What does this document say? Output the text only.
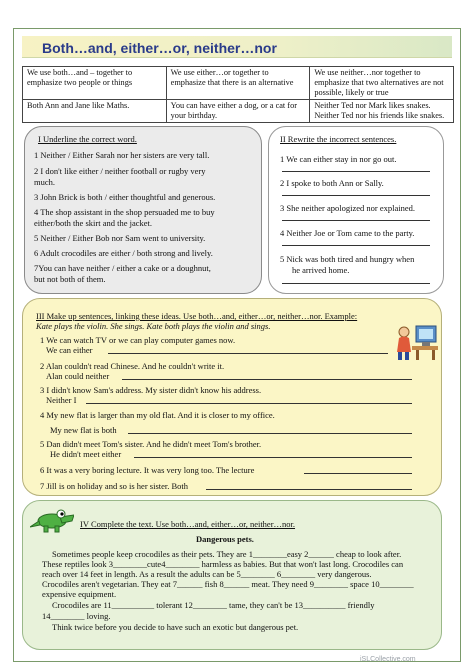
Both…and, either…or, neither…nor
We use both…and – together to emphasize two people or things	We use either…or together to emphasize that there is an alternative	We use neither…nor together to emphasize that two alternatives are not possible, likely or true
Both Ann and Jane like Maths.	You can have either a dog, or a cat for your birthday.	Neither Ted nor Mark likes snakes. Neither Ted nor his friends like snakes.
I Underline the correct word.
1 Neither / Either Sarah nor her sisters are very tall.
2 I don't like either / neither football or rugby very
much.
3 John Brick is both / either thoughtful and generous.
4 The shop assistant in the shop persuaded me to buy
either/both the skirt and the jacket.
5 Neither / Either Bob nor Sam went to university.
6 Adult crocodiles are either / both strong and lively.
7You can have neither / either a cake or a doughnut,
but not both of them.
II Rewrite the incorrect sentences.
1 We can either stay in nor go out.
2 I spoke to both Ann or Sally.
3 She neither apologized nor explained.
4 Neither Joe or Tom came to the party.
5 Nick was both tired and hungry when
he arrived home.
III Make up sentences, linking these ideas. Use both…and, either…or, neither…nor. Example:
Kate plays the violin. She sings. Kate both plays the violin and sings.
1 We can watch TV or we can play computer games now.
We can either
2 Alan couldn't read Chinese. And he couldn't write it.
Alan could neither
3 I didn't know Sam's address. My sister didn't know his address.
Neither I
4 My new flat is larger than my old flat. And it is closer to my office.
My new flat is both
5 Dan didn't meet Tom's sister. And he didn't meet Tom's brother.
He didn't meet either
6 It was a very boring lecture. It was very long too. The lecture
7 Jill is on holiday and so is her sister. Both
IV Complete the text. Use both…and, either…or, neither…nor.
Dangerous pets.
Sometimes people keep crocodiles as their pets. They are 1________easy 2______ cheap to look after.
These reptiles look 3________cute4________ harmless as babies. But that won't last long. Crocodiles can
reach over 14 feet in length. As a result the adults can be 5________ 6________ very dangerous.
Crocodiles aren't vegetarian. They eat 7______ fish 8______ meat. They need 9________ space 10________
expensive equipment.
Crocodiles are 11__________ tolerant 12________ tame, they can't be 13__________ friendly
14________ loving.
Think twice before you decide to have such an exotic but dangerous pet.
iSLCollective.com
